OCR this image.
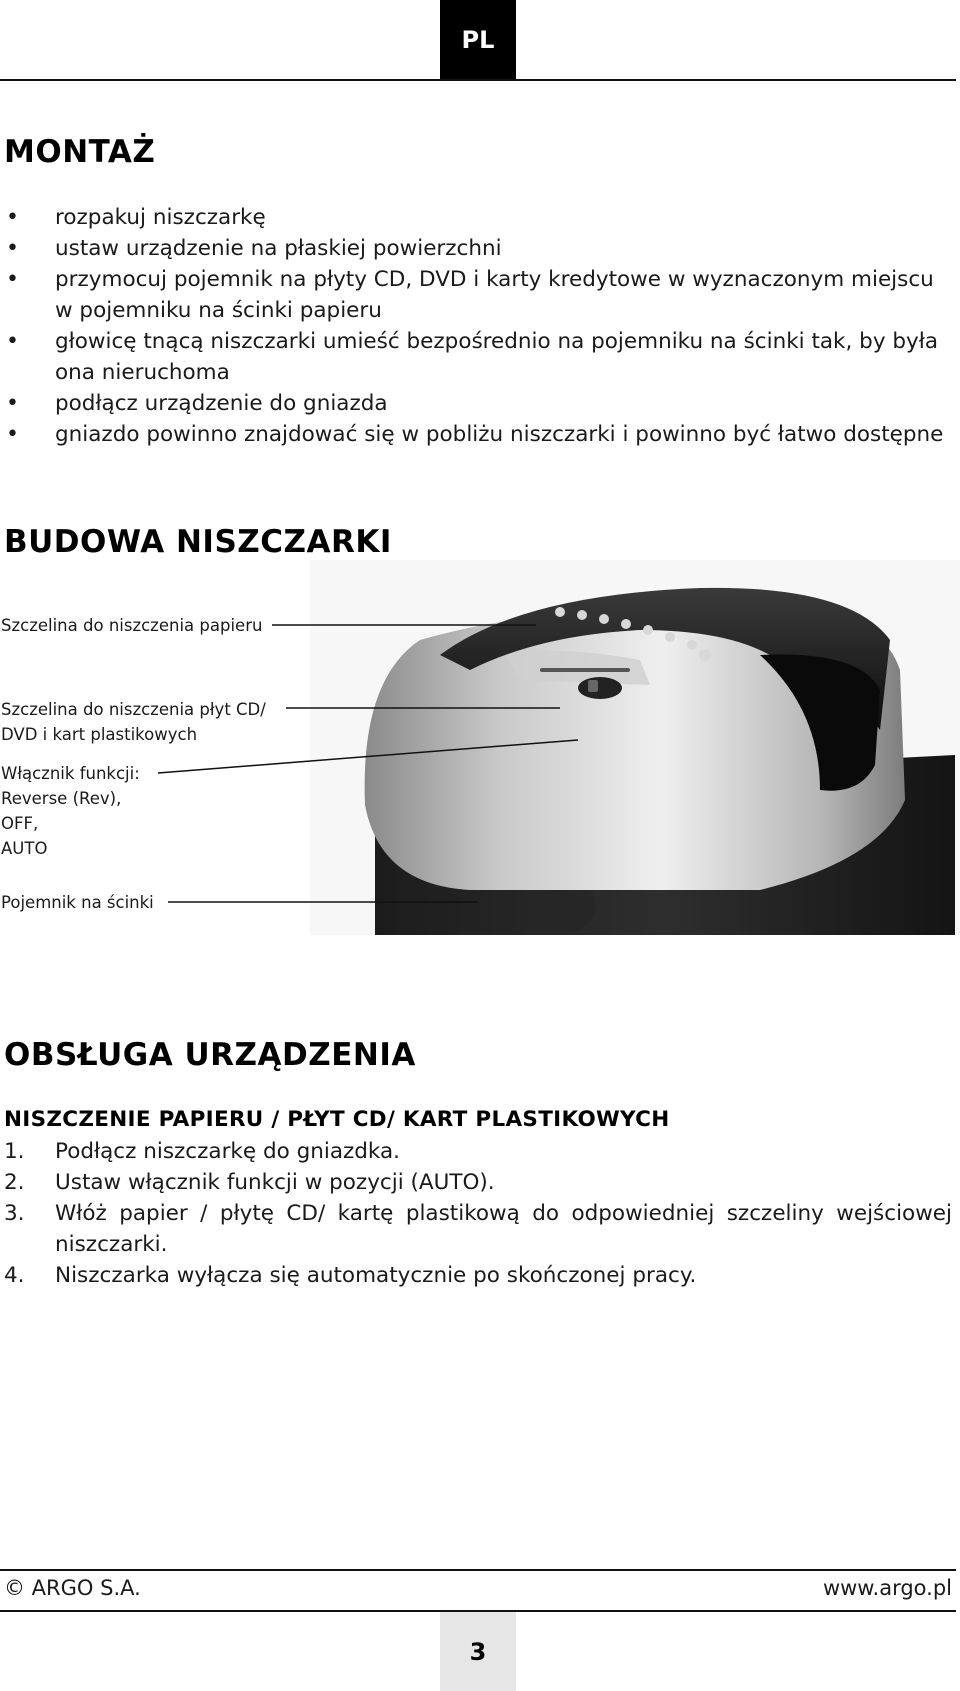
PL
MONTAŻ
• rozpakuj niszczarkę
• ustaw urządzenie na płaskiej powierzchni
• przymocuj pojemnik na płyty CD, DVD i karty kredytowe w wyznaczonym miejscu w pojemniku na ścinki papieru
• głowicę tnącą niszczarki umieść bezpośrednio na pojemniku na ścinki tak, by była ona nieruchoma
• podłącz urządzenie do gniazda
• gniazdo powinno znajdować się w pobliżu niszczarki i powinno być łatwo dostępne
BUDOWA NISZCZARKI
Szczelina do niszczenia papieru
Szczelina do niszczenia płyt CD/
DVD i kart plastikowych
Włącznik funkcji:
Reverse (Rev),
OFF,
AUTO
Pojemnik na ścinki
OBSŁUGA URZĄDZENIA
NISZCZENIE PAPIERU / PŁYT CD/ KART PLASTIKOWYCH
1. Podłącz niszczarkę do gniazdka.
2. Ustaw włącznik funkcji w pozycji (AUTO).
3. Włóż papier / płytę CD/ kartę plastikową do odpowiedniej szczeliny wejściowej niszczarki.
4. Niszczarka wyłącza się automatycznie po skończonej pracy.
© ARGO S.A.	www.argo.pl
3
